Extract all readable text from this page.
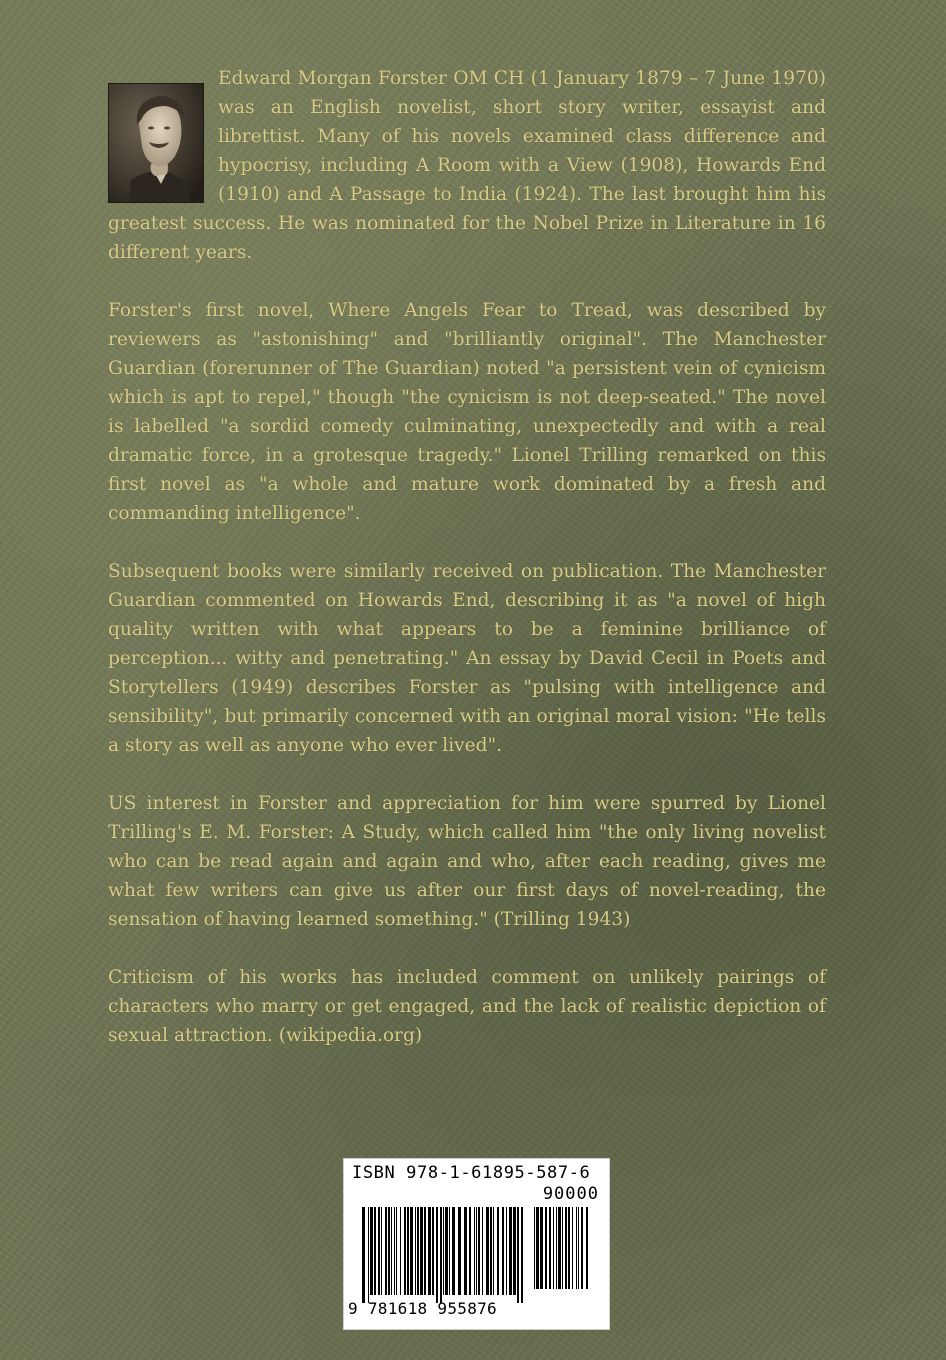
Edward Morgan Forster OM CH (1 January 1879 – 7 June 1970) was an English novelist, short story writer, essayist and librettist. Many of his novels examined class difference and hypocrisy, including A Room with a View (1908), Howards End (1910) and A Passage to India (1924). The last brought him his greatest success. He was nominated for the Nobel Prize in Literature in 16 different years.

Forster's first novel, Where Angels Fear to Tread, was described by reviewers as "astonishing" and "brilliantly original". The Manchester Guardian (forerunner of The Guardian) noted "a persistent vein of cynicism which is apt to repel," though "the cynicism is not deep-seated." The novel is labelled "a sordid comedy culminating, unexpectedly and with a real dramatic force, in a grotesque tragedy." Lionel Trilling remarked on this first novel as "a whole and mature work dominated by a fresh and commanding intelligence".

Subsequent books were similarly received on publication. The Manchester Guardian commented on Howards End, describing it as "a novel of high quality written with what appears to be a feminine brilliance of perception... witty and penetrating." An essay by David Cecil in Poets and Storytellers (1949) describes Forster as "pulsing with intelligence and sensibility", but primarily concerned with an original moral vision: "He tells a story as well as anyone who ever lived".

US interest in Forster and appreciation for him were spurred by Lionel Trilling's E. M. Forster: A Study, which called him "the only living novelist who can be read again and again and who, after each reading, gives me what few writers can give us after our first days of novel-reading, the sensation of having learned something." (Trilling 1943)

Criticism of his works has included comment on unlikely pairings of characters who marry or get engaged, and the lack of realistic depiction of sexual attraction. (wikipedia.org)

ISBN 978-1-61895-587-6
90000
9 781618 955876
